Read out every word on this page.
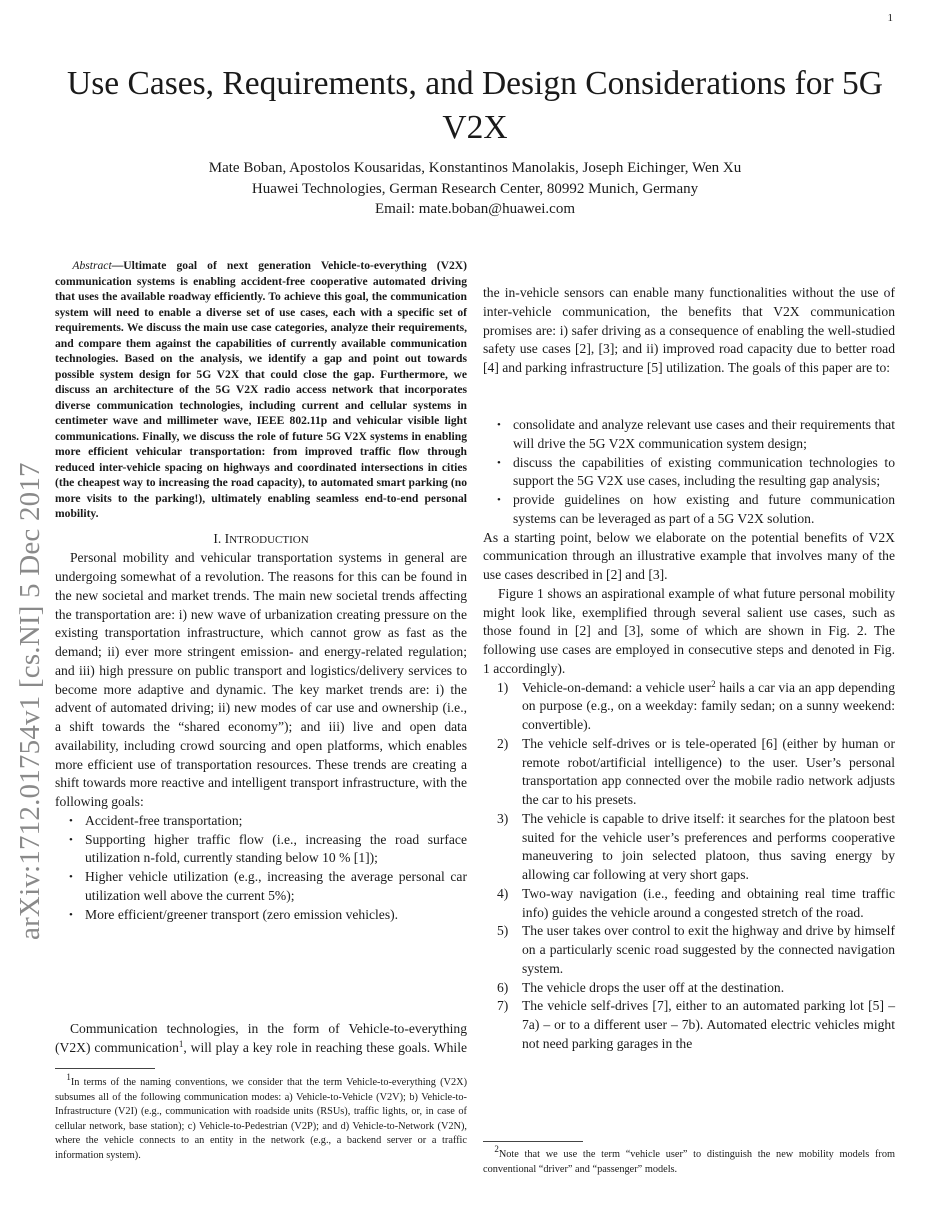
1
Use Cases, Requirements, and Design Considerations for 5G V2X
Mate Boban, Apostolos Kousaridas, Konstantinos Manolakis, Joseph Eichinger, Wen Xu
Huawei Technologies, German Research Center, 80992 Munich, Germany
Email: mate.boban@huawei.com
arXiv:1712.01754v1 [cs.NI] 5 Dec 2017

Abstract—Ultimate goal of next generation Vehicle-to-everything (V2X) communication systems is enabling accident-free cooperative automated driving that uses the available roadway efficiently. To achieve this goal, the communication system will need to enable a diverse set of use cases, each with a specific set of requirements. We discuss the main use case categories, analyze their requirements, and compare them against the capabilities of currently available communication technologies. Based on the analysis, we identify a gap and point out towards possible system design for 5G V2X that could close the gap. Furthermore, we discuss an architecture of the 5G V2X radio access network that incorporates diverse communication technologies, including current and cellular systems in centimeter wave and millimeter wave, IEEE 802.11p and vehicular visible light communications. Finally, we discuss the role of future 5G V2X systems in enabling more efficient vehicular transportation: from improved traffic flow through reduced inter-vehicle spacing on highways and coordinated intersections in cities (the cheapest way to increasing the road capacity), to automated smart parking (no more visits to the parking!), ultimately enabling seamless end-to-end personal mobility.

I. INTRODUCTION

Personal mobility and vehicular transportation systems in general are undergoing somewhat of a revolution. The reasons for this can be found in the new societal and market trends. The main new societal trends affecting the transportation are: i) new wave of urbanization creating pressure on the existing transportation infrastructure, which cannot grow as fast as the demand; ii) ever more stringent emission- and energy-related regulation; and iii) high pressure on public transport and logistics/delivery services to become more adaptive and dynamic. The key market trends are: i) the advent of automated driving; ii) new modes of car use and ownership (i.e., a shift towards the “shared economy”); and iii) live and open data availability, including crowd sourcing and open platforms, which enables more efficient use of transportation resources. These trends are creating a shift towards more reactive and intelligent transport infrastructure, with the following goals:

• Accident-free transportation;
• Supporting higher traffic flow (i.e., increasing the road surface utilization n-fold, currently standing below 10 % [1]);
• Higher vehicle utilization (e.g., increasing the average personal car utilization well above the current 5%);
• More efficient/greener transport (zero emission vehicles).

Communication technologies, in the form of Vehicle-to-everything (V2X) communication$^1$, will play a key role in reaching these goals. While the in-vehicle sensors can enable many functionalities without the use of inter-vehicle communication, the benefits that V2X communication promises are: i) safer driving as a consequence of enabling the well-studied safety use cases [2], [3]; and ii) improved road capacity due to better road [4] and parking infrastructure [5] utilization. The goals of this paper are to:

$^1$In terms of the naming conventions, we consider that the term Vehicle-to-everything (V2X) subsumes all of the following communication modes: a) Vehicle-to-Vehicle (V2V); b) Vehicle-to-Infrastructure (V2I) (e.g., communication with roadside units (RSUs), traffic lights, or, in case of cellular network, base station); c) Vehicle-to-Pedestrian (V2P); and d) Vehicle-to-Network (V2N), where the vehicle connects to an entity in the network (e.g., a backend server or a traffic information system).

• consolidate and analyze relevant use cases and their requirements that will drive the 5G V2X communication system design;
• discuss the capabilities of existing communication technologies to support the 5G V2X use cases, including the resulting gap analysis;
• provide guidelines on how existing and future communication systems can be leveraged as part of a 5G V2X solution.

As a starting point, below we elaborate on the potential benefits of V2X communication through an illustrative example that involves many of the use cases described in [2] and [3].

Figure 1 shows an aspirational example of what future personal mobility might look like, exemplified through several salient use cases, such as those found in [2] and [3], some of which are shown in Fig. 2. The following use cases are employed in consecutive steps and denoted in Fig. 1 accordingly).

1) Vehicle-on-demand: a vehicle user$^2$ hails a car via an app depending on purpose (e.g., on a weekday: family sedan; on a sunny weekend: convertible).
2) The vehicle self-drives or is tele-operated [6] (either by human or remote robot/artificial intelligence) to the user. User’s personal transportation app connected over the mobile radio network adjusts the car to his presets.
3) The vehicle is capable to drive itself: it searches for the platoon best suited for the vehicle user’s preferences and performs cooperative maneuvering to join selected platoon, thus saving energy by allowing car following at very short gaps.
4) Two-way navigation (i.e., feeding and obtaining real time traffic info) guides the vehicle around a congested stretch of the road.
5) The user takes over control to exit the highway and drive by himself on a particularly scenic road suggested by the connected navigation system.
6) The vehicle drops the user off at the destination.
7) The vehicle self-drives [7], either to an automated parking lot [5] – 7a) – or to a different user – 7b). Automated electric vehicles might not need parking garages in the

$^2$Note that we use the term “vehicle user” to distinguish the new mobility models from conventional “driver” and “passenger” models.
